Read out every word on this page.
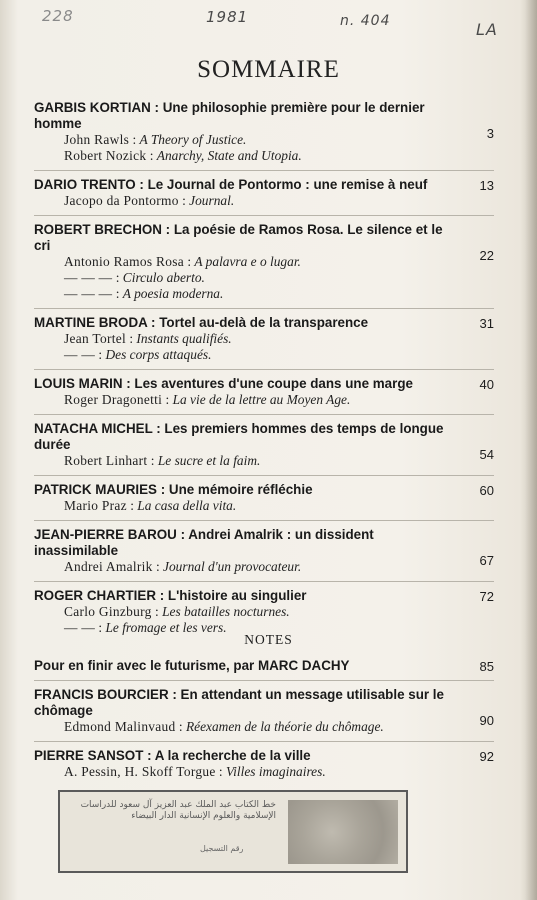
228	1981	n. 404	LA
SOMMAIRE
GARBIS KORTIAN : Une philosophie première pour le dernier homme
3
John Rawls : A Theory of Justice.
Robert Nozick : Anarchy, State and Utopia.
DARIO TRENTO : Le Journal de Pontormo : une remise à neuf	13
Jacopo da Pontormo : Journal.
ROBERT BRECHON : La poésie de Ramos Rosa. Le silence et le cri
22
Antonio Ramos Rosa : A palavra e o lugar.
— — — : Circulo aberto.
— — — : A poesia moderna.
MARTINE BRODA : Tortel au-delà de la transparence	31
Jean Tortel : Instants qualifiés.
— — : Des corps attaqués.
LOUIS MARIN : Les aventures d'une coupe dans une marge	40
Roger Dragonetti : La vie de la lettre au Moyen Age.
NATACHA MICHEL : Les premiers hommes des temps de longue durée
54
Robert Linhart : Le sucre et la faim.
PATRICK MAURIES : Une mémoire réfléchie	60
Mario Praz : La casa della vita.
JEAN-PIERRE BAROU : Andrei Amalrik : un dissident inassimilable
67
Andrei Amalrik : Journal d'un provocateur.
ROGER CHARTIER : L'histoire au singulier	72
Carlo Ginzburg : Les batailles nocturnes.
— — : Le fromage et les vers.
NOTES
Pour en finir avec le futurisme, par MARC DACHY	85
FRANCIS BOURCIER : En attendant un message utilisable sur le chômage
90
Edmond Malinvaud : Réexamen de la théorie du chômage.
PIERRE SANSOT : A la recherche de la ville	92
A. Pessin, H. Skoff Torgue : Villes imaginaires.
خط الكتاب عبد الملك عبد العزيز آل سعود للدراسات الإسلامية والعلوم الإنسانية الدار البيضاء
رقم التسجيل
